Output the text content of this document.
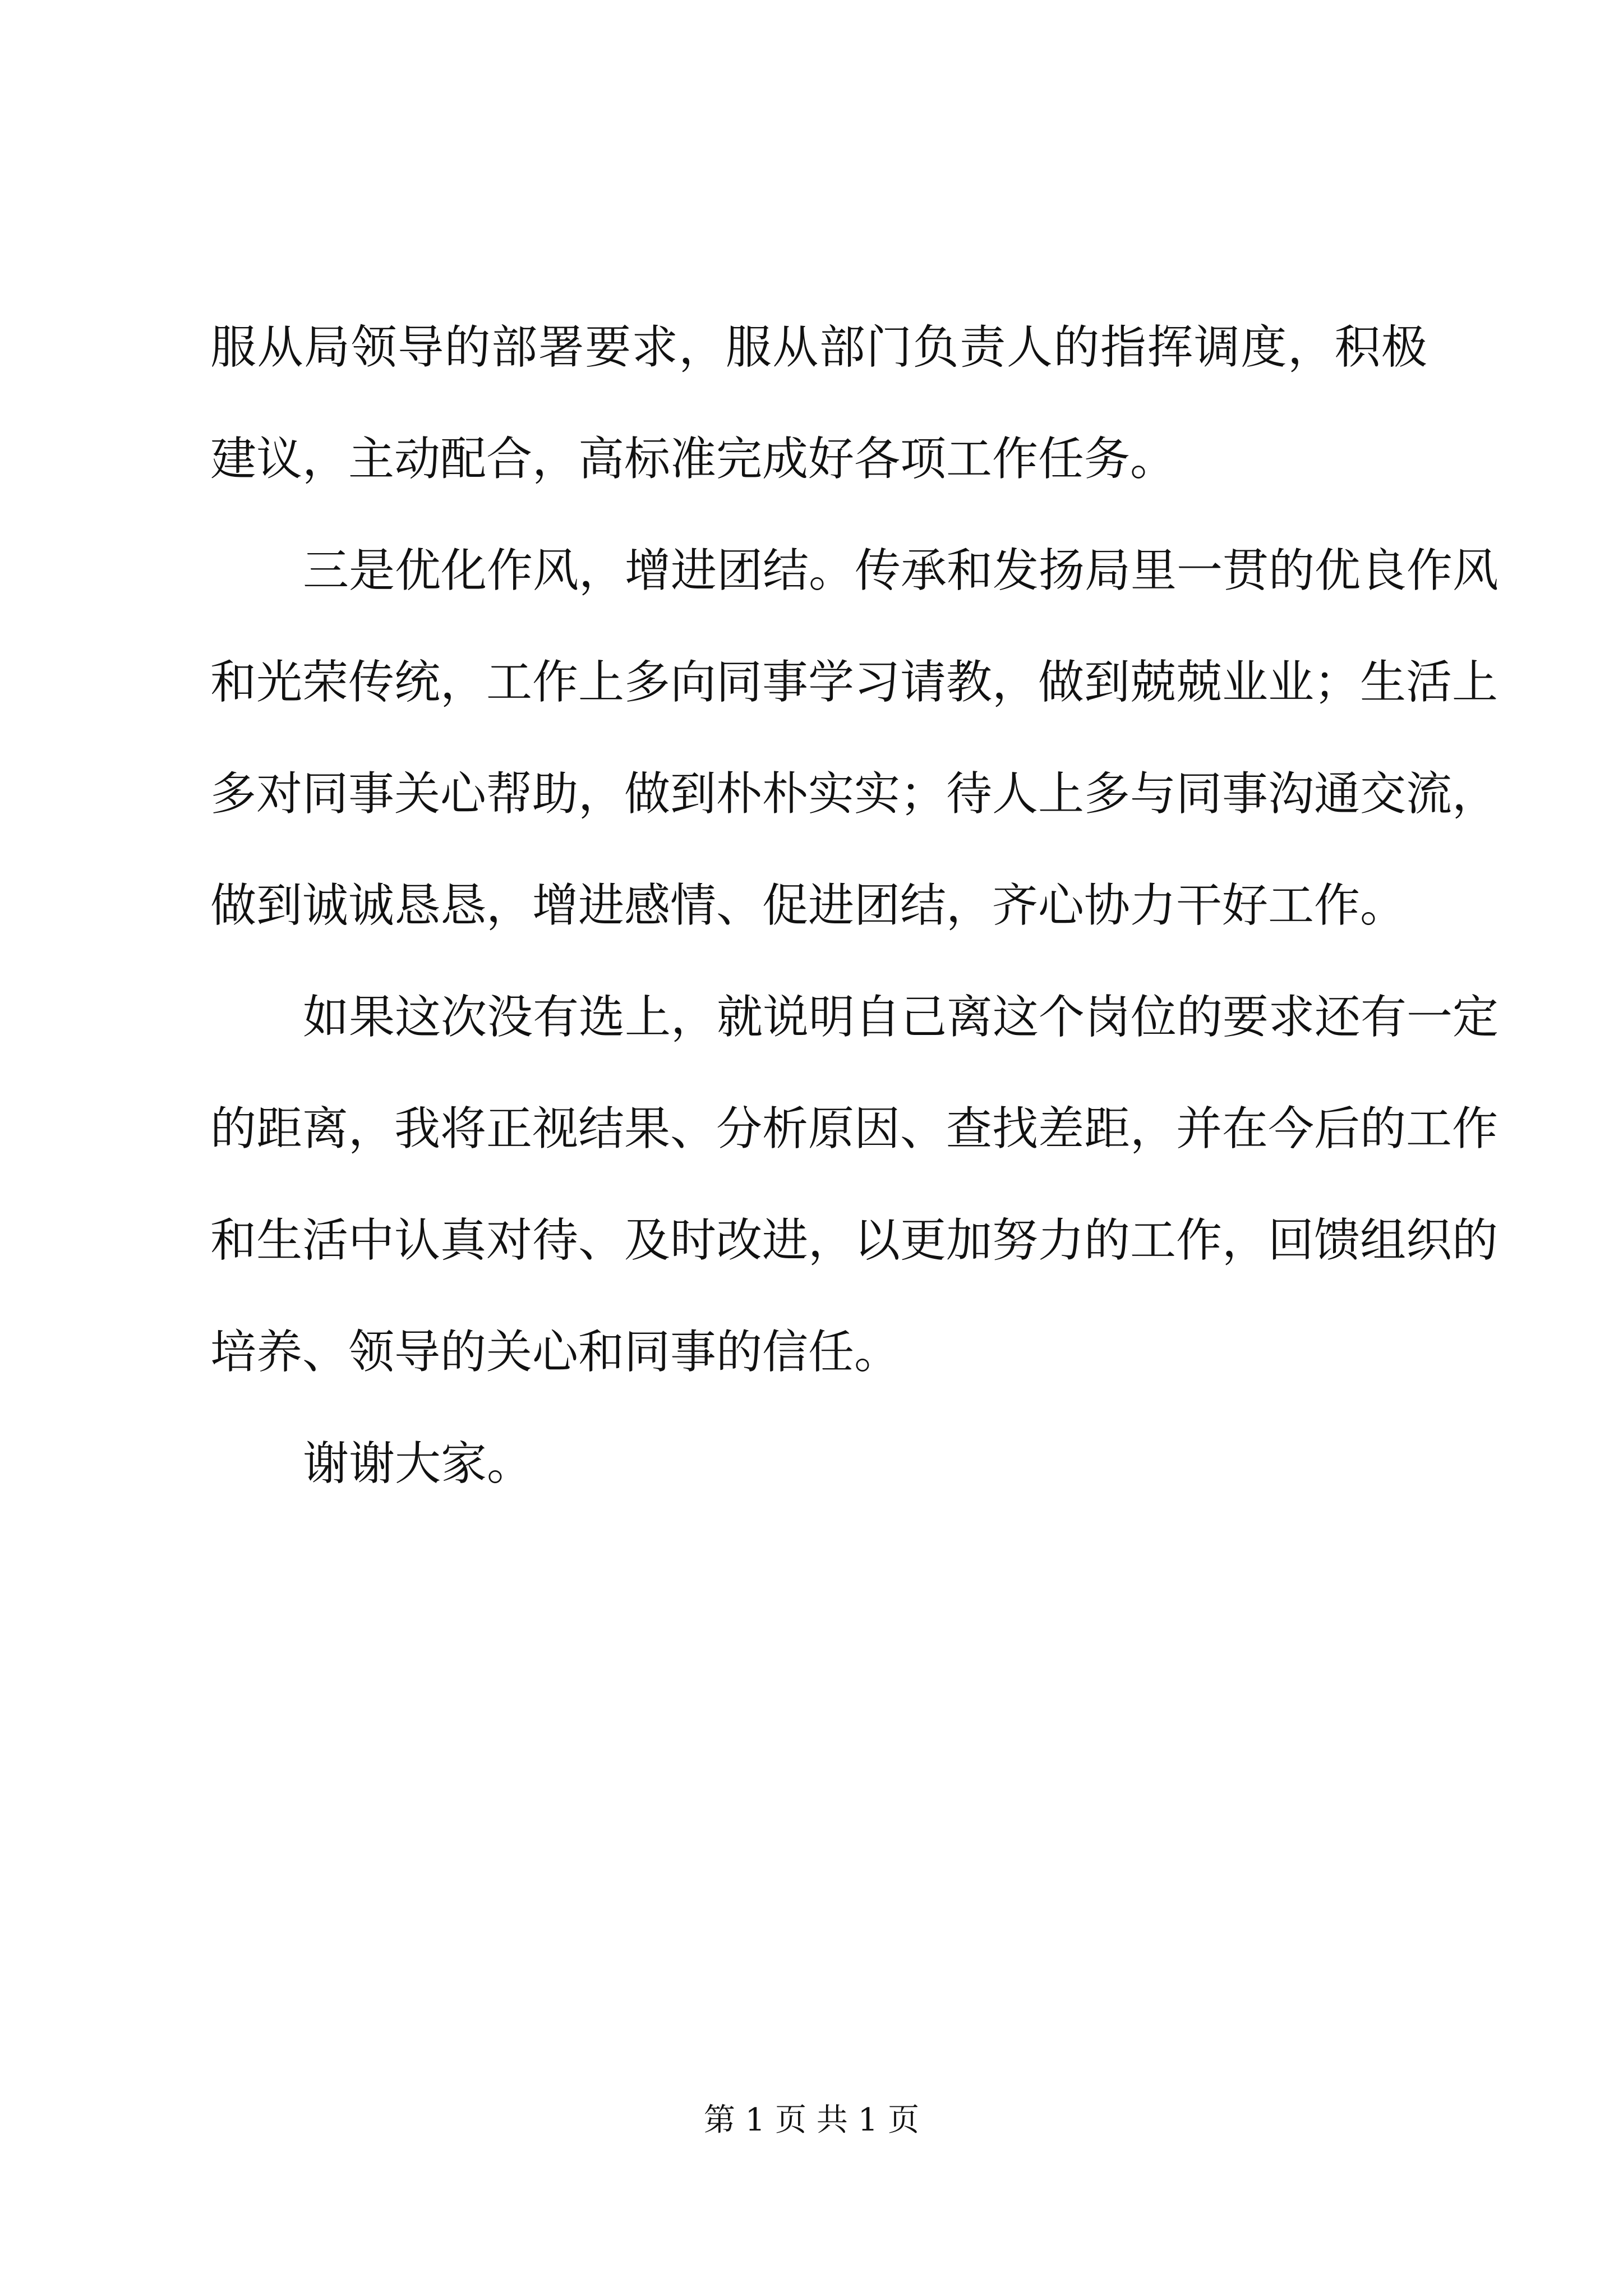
服从局领导的部署要求，服从部门负责人的指挥调度，积极
建议，主动配合，高标准完成好各项工作任务。
三是优化作风，增进团结。传承和发扬局里一贯的优良作风
和光荣传统，工作上多向同事学习请教，做到兢兢业业；生活上
多对同事关心帮助，做到朴朴实实；待人上多与同事沟通交流，
做到诚诚恳恳，增进感情、促进团结，齐心协力干好工作。
如果这次没有选上，就说明自己离这个岗位的要求还有一定
的距离，我将正视结果、分析原因、查找差距，并在今后的工作
和生活中认真对待、及时改进，以更加努力的工作，回馈组织的
培养、领导的关心和同事的信任。
谢谢大家。
第 1 页 共 1 页
